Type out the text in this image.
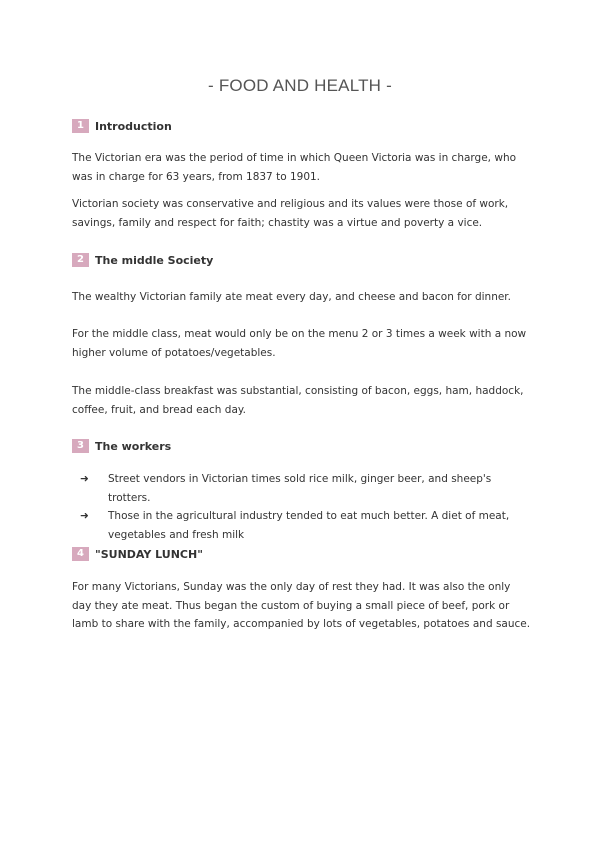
- FOOD AND HEALTH -
1	Introduction

The Victorian era was the period of time in which Queen Victoria was in charge, who was in charge for 63 years, from 1837 to 1901.

Victorian society was conservative and religious and its values were those of work, savings, family and respect for faith; chastity was a virtue and poverty a vice.

2	The middle Society

The wealthy Victorian family ate meat every day, and cheese and bacon for dinner.

For the middle class, meat would only be on the menu 2 or 3 times a week with a now higher volume of potatoes/vegetables.

The middle-class breakfast was substantial, consisting of bacon, eggs, ham, haddock, coffee, fruit, and bread each day.

3	The workers
➜	Street vendors in Victorian times sold rice milk, ginger beer, and sheep's trotters.
➜	Those in the agricultural industry tended to eat much better. A diet of meat, vegetables and fresh milk
4	"SUNDAY LUNCH"

For many Victorians, Sunday was the only day of rest they had. It was also the only day they ate meat. Thus began the custom of buying a small piece of beef, pork or lamb to share with the family, accompanied by lots of vegetables, potatoes and sauce.
